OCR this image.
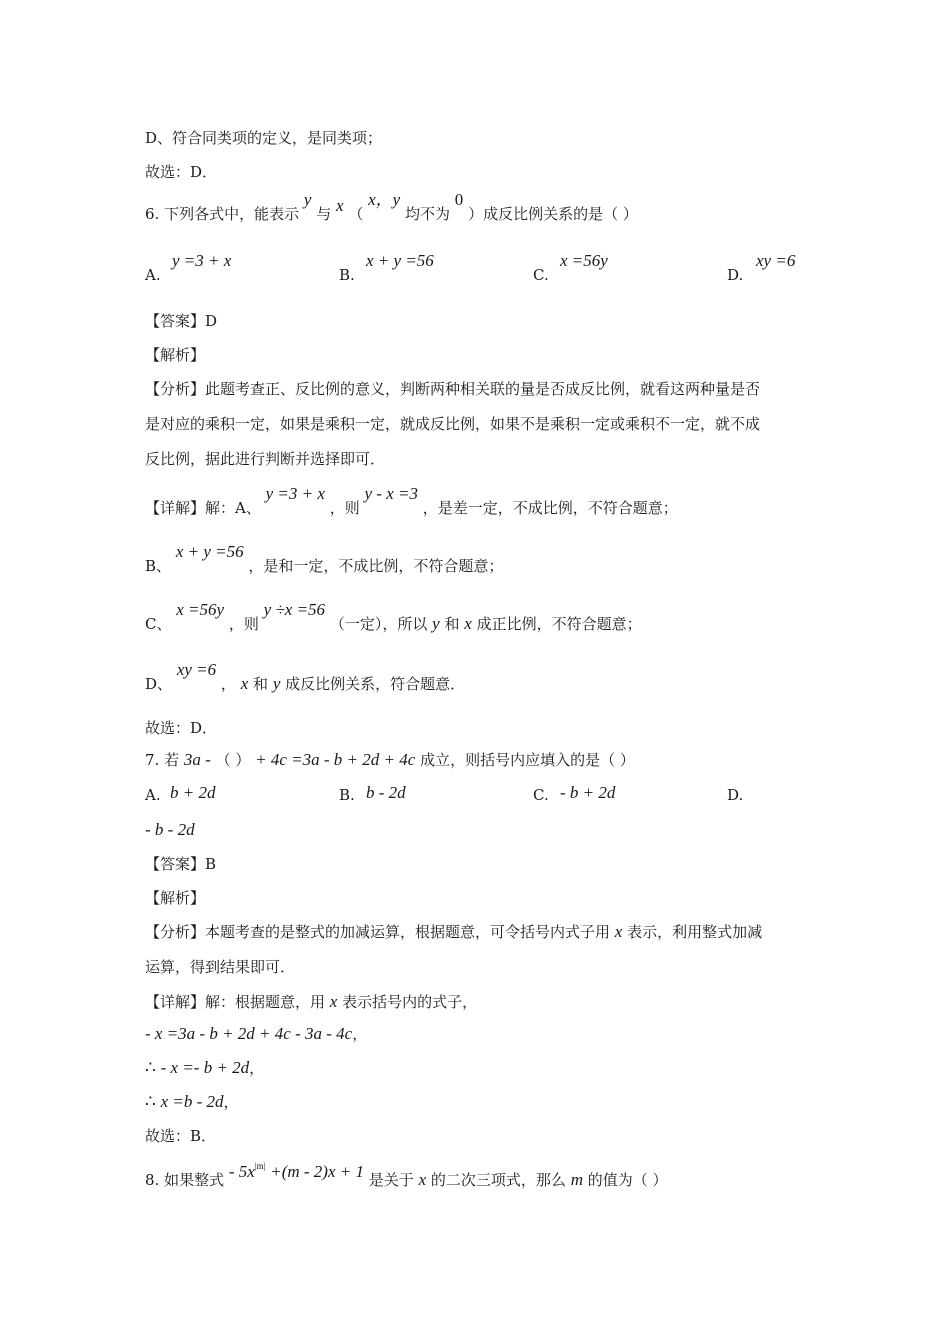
D、符合同类项的定义，是同类项；
故选：D．
6. 下列各式中，能表示 y 与 x （ x，y 均不为 0 ）成反比例关系的是（ ）
A.
y =3 + x
B.
x + y =56
C.
x =56y
D.
xy =6
【答案】D
【解析】
【分析】此题考查正、反比例的意义，判断两种相关联的量是否成反比例，就看这两种量是否
是对应的乘积一定，如果是乘积一定，就成反比例，如果不是乘积一定或乘积不一定，就不成
反比例，据此进行判断并选择即可．
【详解】解：A、 y =3 + x ，则 y - x =3 ，是差一定，不成比例，不符合题意；
B、 x + y =56 ，是和一定，不成比例，不符合题意；
C、 x =56y ，则 y ÷x =56 （一定），所以 y 和 x 成正比例，不符合题意；
D、 xy =6 ， x 和 y 成反比例关系，符合题意．
故选：D．
7. 若 3a - （ ） + 4c =3a - b + 2d + 4c 成立，则括号内应填入的是（ ）
A. b + 2d	B. b - 2d	C. - b + 2d	D.
- b - 2d
【答案】B
【解析】
【分析】本题考查的是整式的加减运算，根据题意，可令括号内式子用 x 表示，利用整式加减
运算，得到结果即可．
【详解】解：根据题意，用 x 表示括号内的式子，
- x =3a - b + 2d + 4c - 3a - 4c，
∴ - x =- b + 2d，
∴ x =b - 2d，
故选：B．
8. 如果整式 - $5x^{|m|} +(m - 2)x + 1$ 是关于 x 的二次三项式，那么 m 的值为（ ）
